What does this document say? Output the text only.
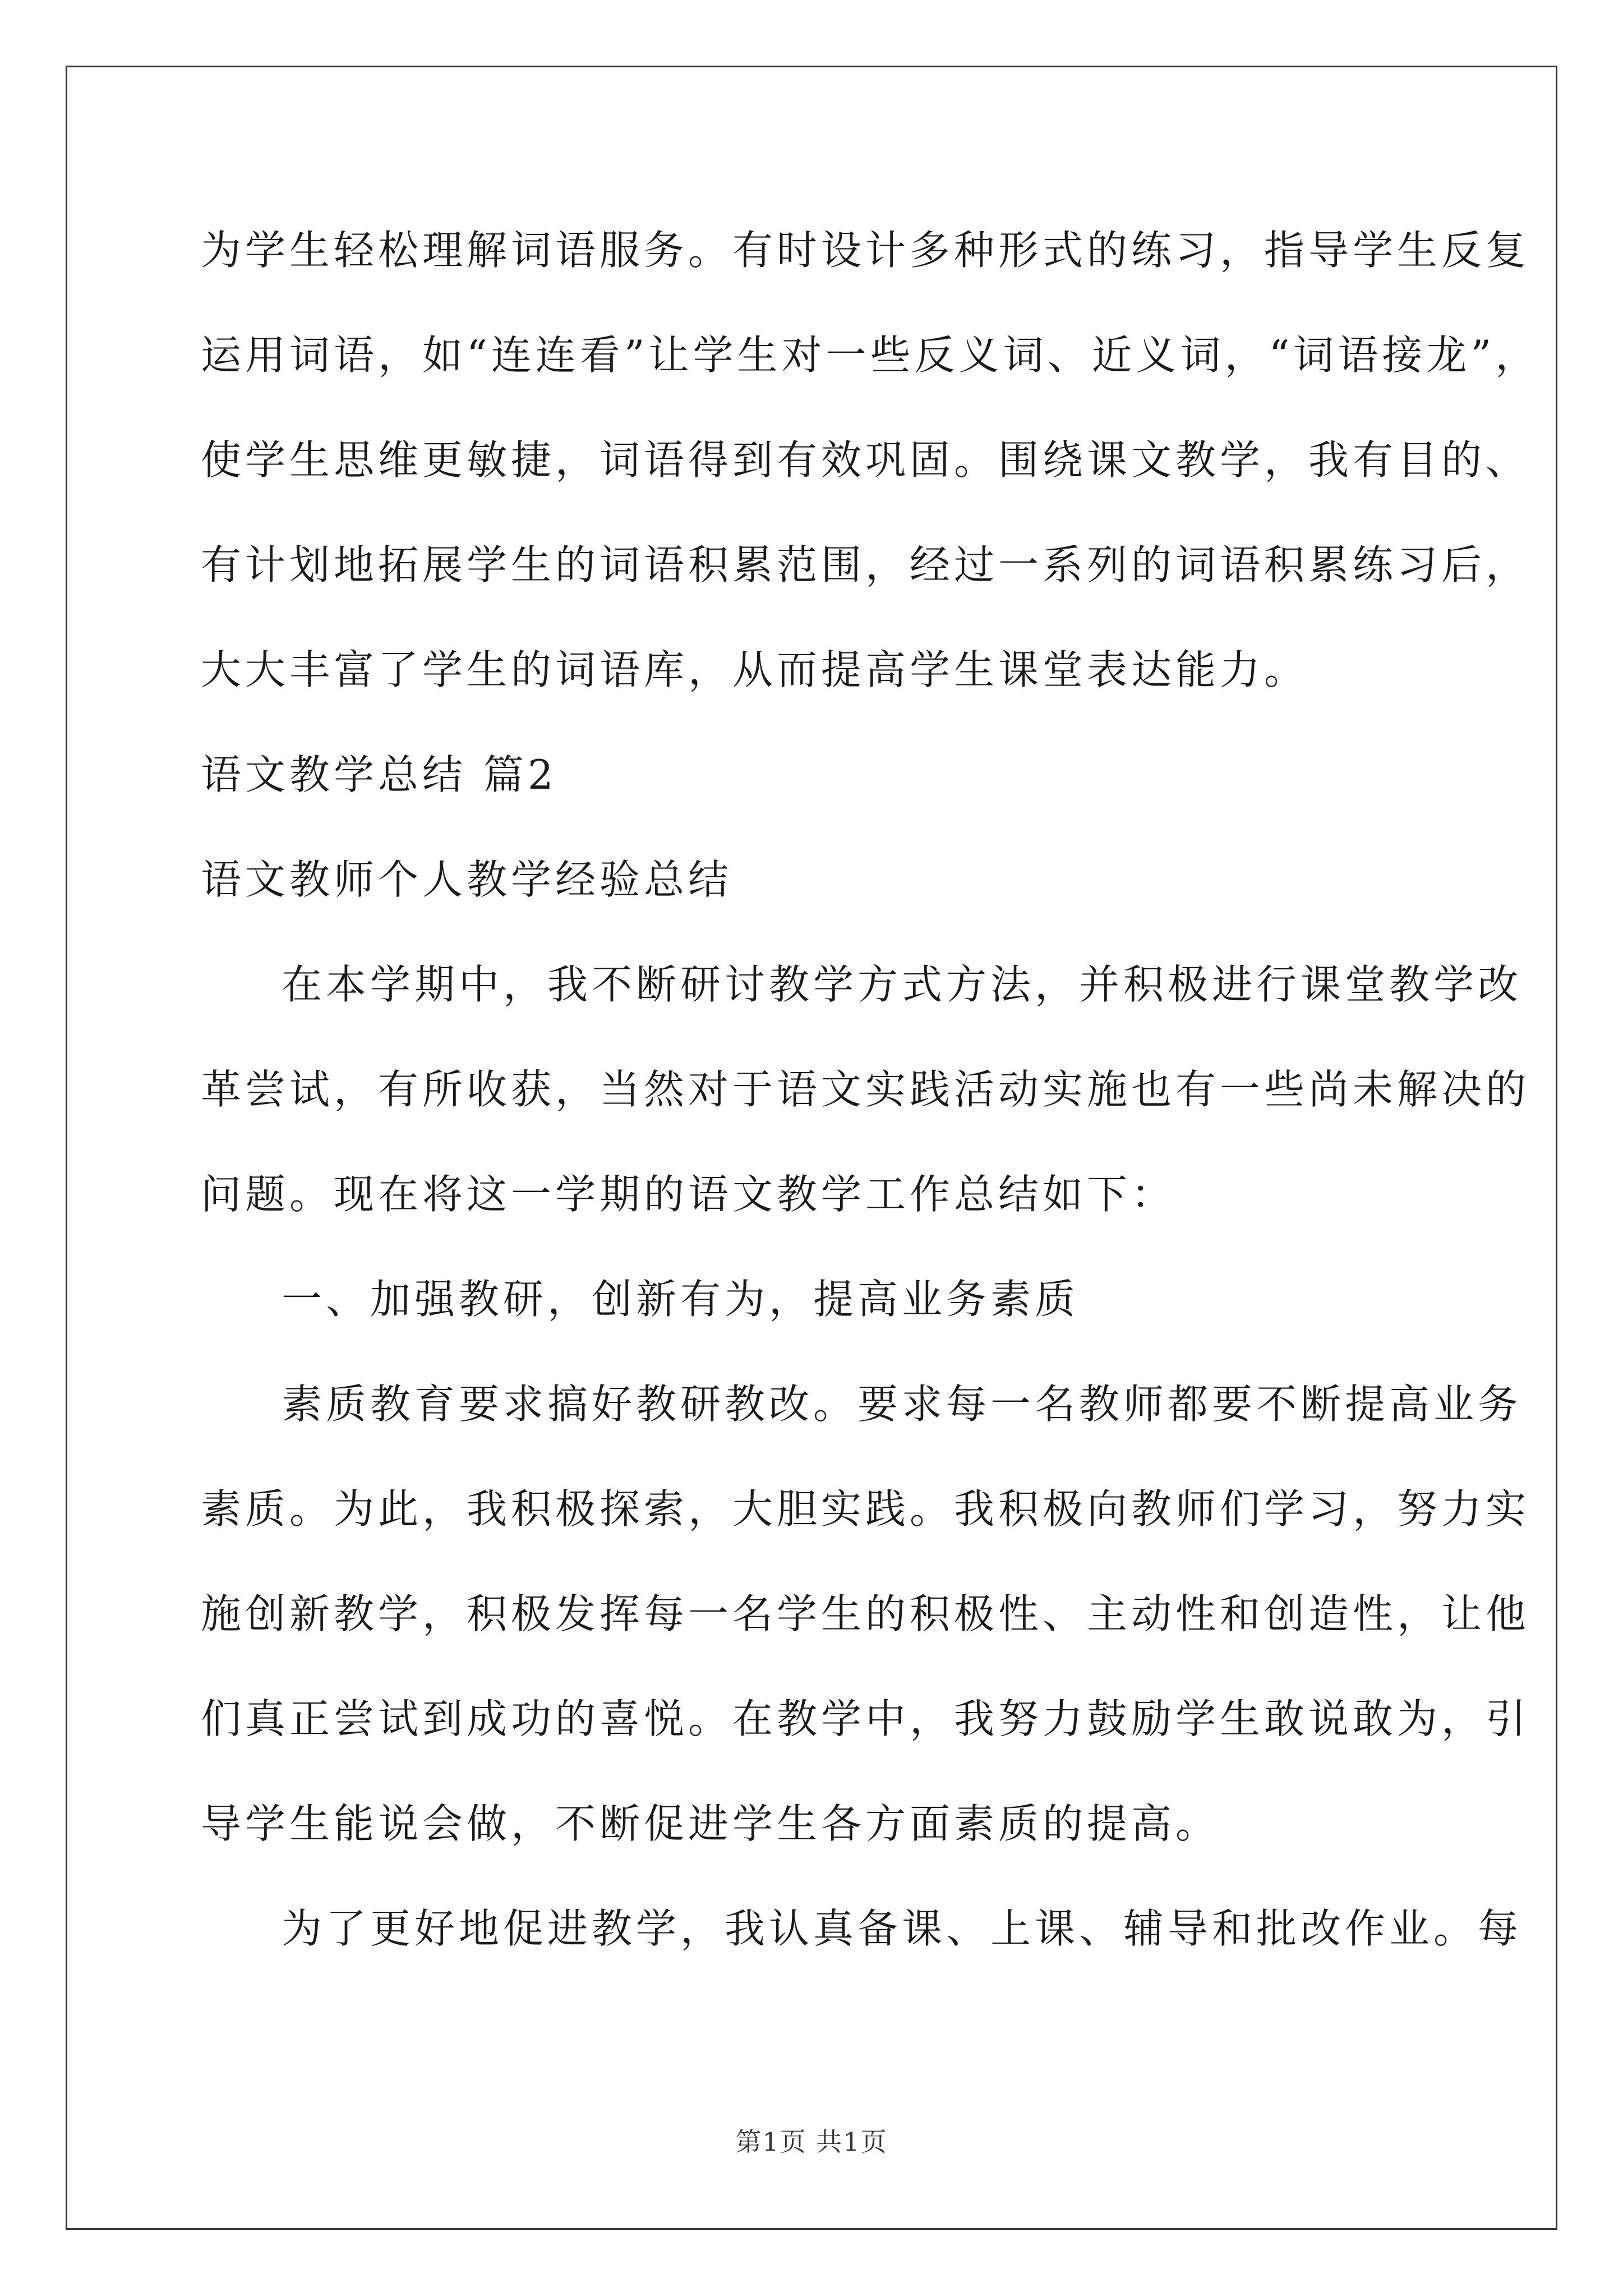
为学生轻松理解词语服务。有时设计多种形式的练习，指导学生反复
运用词语，如“连连看”让学生对一些反义词、近义词，“词语接龙”，
使学生思维更敏捷，词语得到有效巩固。围绕课文教学，我有目的、
有计划地拓展学生的词语积累范围，经过一系列的词语积累练习后，
大大丰富了学生的词语库，从而提高学生课堂表达能力。
语文教学总结 篇2
语文教师个人教学经验总结
在本学期中，我不断研讨教学方式方法，并积极进行课堂教学改
革尝试，有所收获，当然对于语文实践活动实施也有一些尚未解决的
问题。现在将这一学期的语文教学工作总结如下：
一、加强教研，创新有为，提高业务素质
素质教育要求搞好教研教改。要求每一名教师都要不断提高业务
素质。为此，我积极探索，大胆实践。我积极向教师们学习，努力实
施创新教学，积极发挥每一名学生的积极性、主动性和创造性，让他
们真正尝试到成功的喜悦。在教学中，我努力鼓励学生敢说敢为，引
导学生能说会做，不断促进学生各方面素质的提高。
为了更好地促进教学，我认真备课、上课、辅导和批改作业。每
第1页 共1页
